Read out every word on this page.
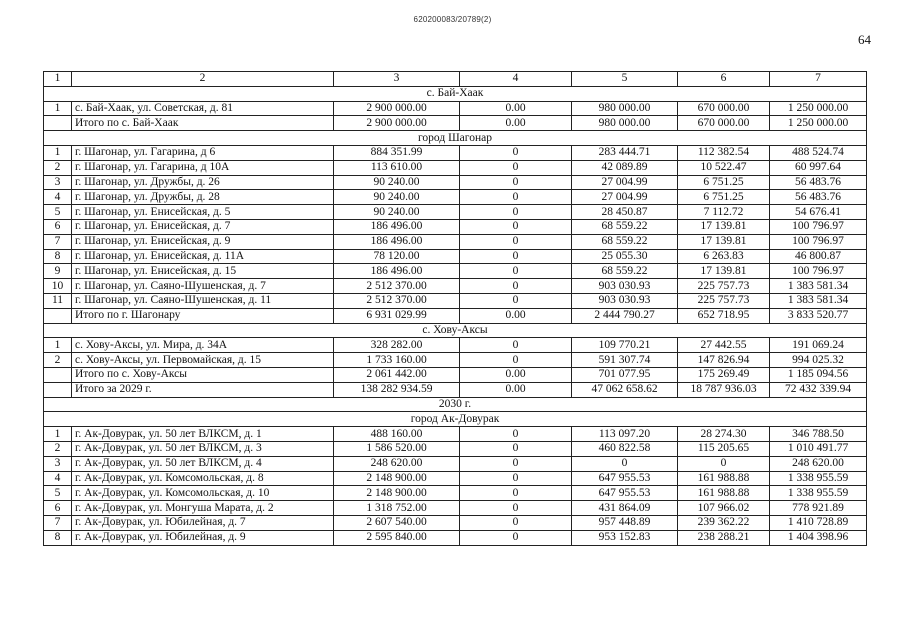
620200083/20789(2)
64
1	2	3	4	5	6	7
с. Бай-Хаак						
1	с. Бай-Хаак, ул. Советская, д. 81	2 900 000.00	0.00	980 000.00	670 000.00	1 250 000.00
	Итого по с. Бай-Хаак	2 900 000.00	0.00	980 000.00	670 000.00	1 250 000.00
город Шагонар						
1	г. Шагонар, ул. Гагарина, д 6	884 351.99	0	283 444.71	112 382.54	488 524.74
2	г. Шагонар, ул. Гагарина, д 10А	113 610.00	0	42 089.89	10 522.47	60 997.64
3	г. Шагонар, ул. Дружбы, д. 26	90 240.00	0	27 004.99	6 751.25	56 483.76
4	г. Шагонар, ул. Дружбы, д. 28	90 240.00	0	27 004.99	6 751.25	56 483.76
5	г. Шагонар, ул. Енисейская, д. 5	90 240.00	0	28 450.87	7 112.72	54 676.41
6	г. Шагонар, ул. Енисейская, д. 7	186 496.00	0	68 559.22	17 139.81	100 796.97
7	г. Шагонар, ул. Енисейская, д. 9	186 496.00	0	68 559.22	17 139.81	100 796.97
8	г. Шагонар, ул. Енисейская, д. 11А	78 120.00	0	25 055.30	6 263.83	46 800.87
9	г. Шагонар, ул. Енисейская, д. 15	186 496.00	0	68 559.22	17 139.81	100 796.97
10	г. Шагонар, ул. Саяно-Шушенская, д. 7	2 512 370.00	0	903 030.93	225 757.73	1 383 581.34
11	г. Шагонар, ул. Саяно-Шушенская, д. 11	2 512 370.00	0	903 030.93	225 757.73	1 383 581.34
	Итого по г. Шагонару	6 931 029.99	0.00	2 444 790.27	652 718.95	3 833 520.77
с. Хову-Аксы						
1	с. Хову-Аксы, ул. Мира, д. 34А	328 282.00	0	109 770.21	27 442.55	191 069.24
2	с. Хову-Аксы, ул. Первомайская, д. 15	1 733 160.00	0	591 307.74	147 826.94	994 025.32
	Итого по с. Хову-Аксы	2 061 442.00	0.00	701 077.95	175 269.49	1 185 094.56
	Итого за 2029 г.	138 282 934.59	0.00	47 062 658.62	18 787 936.03	72 432 339.94
2030 г.						
город Ак-Довурак						
1	г. Ак-Довурак, ул. 50 лет ВЛКСМ, д. 1	488 160.00	0	113 097.20	28 274.30	346 788.50
2	г. Ак-Довурак, ул. 50 лет ВЛКСМ, д. 3	1 586 520.00	0	460 822.58	115 205.65	1 010 491.77
3	г. Ак-Довурак, ул. 50 лет ВЛКСМ, д. 4	248 620.00	0	0	0	248 620.00
4	г. Ак-Довурак, ул. Комсомольская, д. 8	2 148 900.00	0	647 955.53	161 988.88	1 338 955.59
5	г. Ак-Довурак, ул. Комсомольская, д. 10	2 148 900.00	0	647 955.53	161 988.88	1 338 955.59
6	г. Ак-Довурак, ул. Монгуша Марата, д. 2	1 318 752.00	0	431 864.09	107 966.02	778 921.89
7	г. Ак-Довурак, ул. Юбилейная, д. 7	2 607 540.00	0	957 448.89	239 362.22	1 410 728.89
8	г. Ак-Довурак, ул. Юбилейная, д. 9	2 595 840.00	0	953 152.83	238 288.21	1 404 398.96
